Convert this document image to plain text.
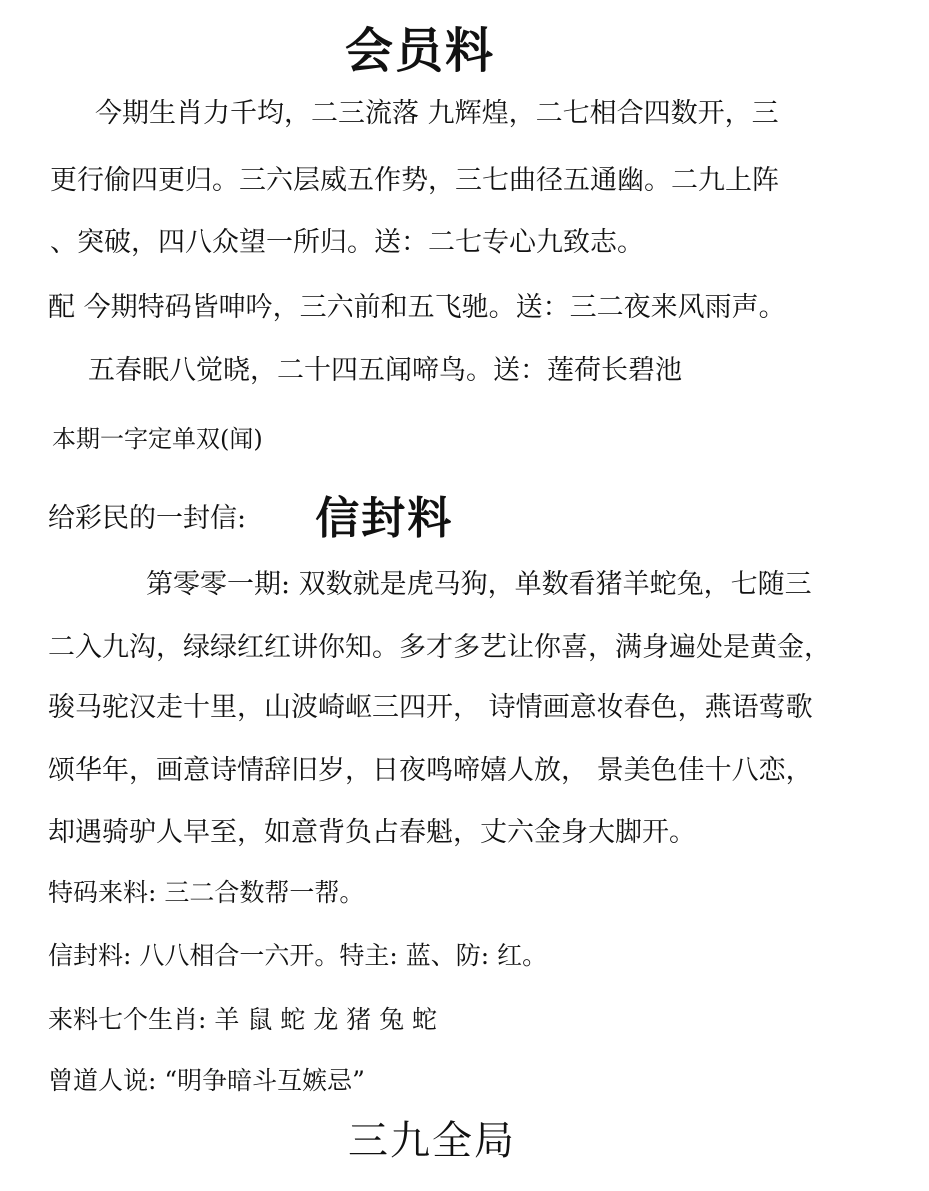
会员料
今期生肖力千均，二三流落 九辉煌，二七相合四数开，三
更行偷四更归。三六层威五作势，三七曲径五通幽。二九上阵
、突破，四八众望一所归。送：二七专心九致志。
配 今期特码皆呻吟，三六前和五飞驰。送：三二夜来风雨声。
五春眠八觉晓，二十四五闻啼鸟。送：莲荷长碧池
本期一字定单双(闻)
给彩民的一封信: 信封料
第零零一期: 双数就是虎马狗，单数看猪羊蛇兔，七随三
二入九沟，绿绿红红讲你知。多才多艺让你喜，满身遍处是黄金，
骏马驼汉走十里，山波崎岖三四开， 诗情画意妆春色，燕语莺歌
颂华年，画意诗情辞旧岁，日夜鸣啼嬉人放， 景美色佳十八恋，
却遇骑驴人早至，如意背负占春魁，丈六金身大脚开。
特码来料: 三二合数帮一帮。
信封料: 八八相合一六开。特主: 蓝、防: 红。
来料七个生肖: 羊 鼠 蛇 龙 猪 兔 蛇
曾道人说: “明争暗斗互嫉忌”
三九全局
